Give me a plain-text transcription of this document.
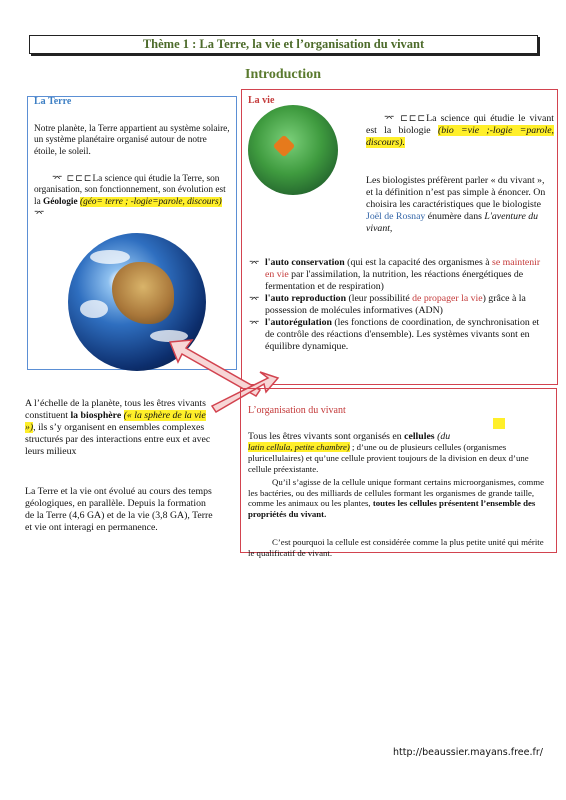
Thème 1 : La Terre, la vie et l’organisation du vivant
Introduction
La Terre

Notre planète, la Terre appartient au système solaire, un système planétaire organisé autour de notre étoile, le soleil.

⌤ ⊏⊏⊏La science qui étudie la Terre, son organisation, son fonctionnement, son évolution est la Géologie (géo= terre ; -logie=parole, discours)
⌤

La vie

⌤ ⊏⊏⊏La science qui étudie le vivant est la biologie (bio =vie ;-logie =parole, discours).

Les biologistes préfèrent parler « du vivant », et la définition n’est pas simple à énoncer. On choisira les caractéristiques que le biologiste Joël de Rosnay énumère dans L'aventure du vivant,

⌤ l'auto conservation (qui est la capacité des organismes à se maintenir en vie par l'assimilation, la nutrition, les réactions énergétiques de fermentation et de respiration)
⌤ l'auto reproduction (leur possibilité de propager la vie) grâce à la possession de molécules informatives (ADN)
⌤ l'autorégulation (les fonctions de coordination, de synchronisation et de contrôle des réactions d'ensemble). Les systèmes vivants sont en équilibre dynamique.

A l’échelle de la planète, tous les êtres vivants constituent la biosphère (« la sphère de la vie »), ils s’y organisent en ensembles complexes structurés par des interactions entre eux et avec leurs milieux

La Terre et la vie ont évolué au cours des temps géologiques, en parallèle. Depuis la formation de la Terre (4,6 GA) et de la vie (3,8 GA), Terre et vie ont interagi en permanence.

L’organisation du vivant

Tous les êtres vivants sont organisés en cellules (du
latin cellula, petite chambre) ; d’une ou de plusieurs cellules (organismes pluricellulaires) et qu’une cellule provient toujours de la division en deux d’une cellule préexistante.

Qu’il s’agisse de la cellule unique formant certains microorganismes, comme les bactéries, ou des milliards de cellules formant les organismes de grande taille, comme les animaux ou les plantes, toutes les cellules présentent l’ensemble des propriétés du vivant.

C’est pourquoi la cellule est considérée comme la plus petite unité qui mérite le qualificatif de vivant.

http://beaussier.mayans.free.fr/
